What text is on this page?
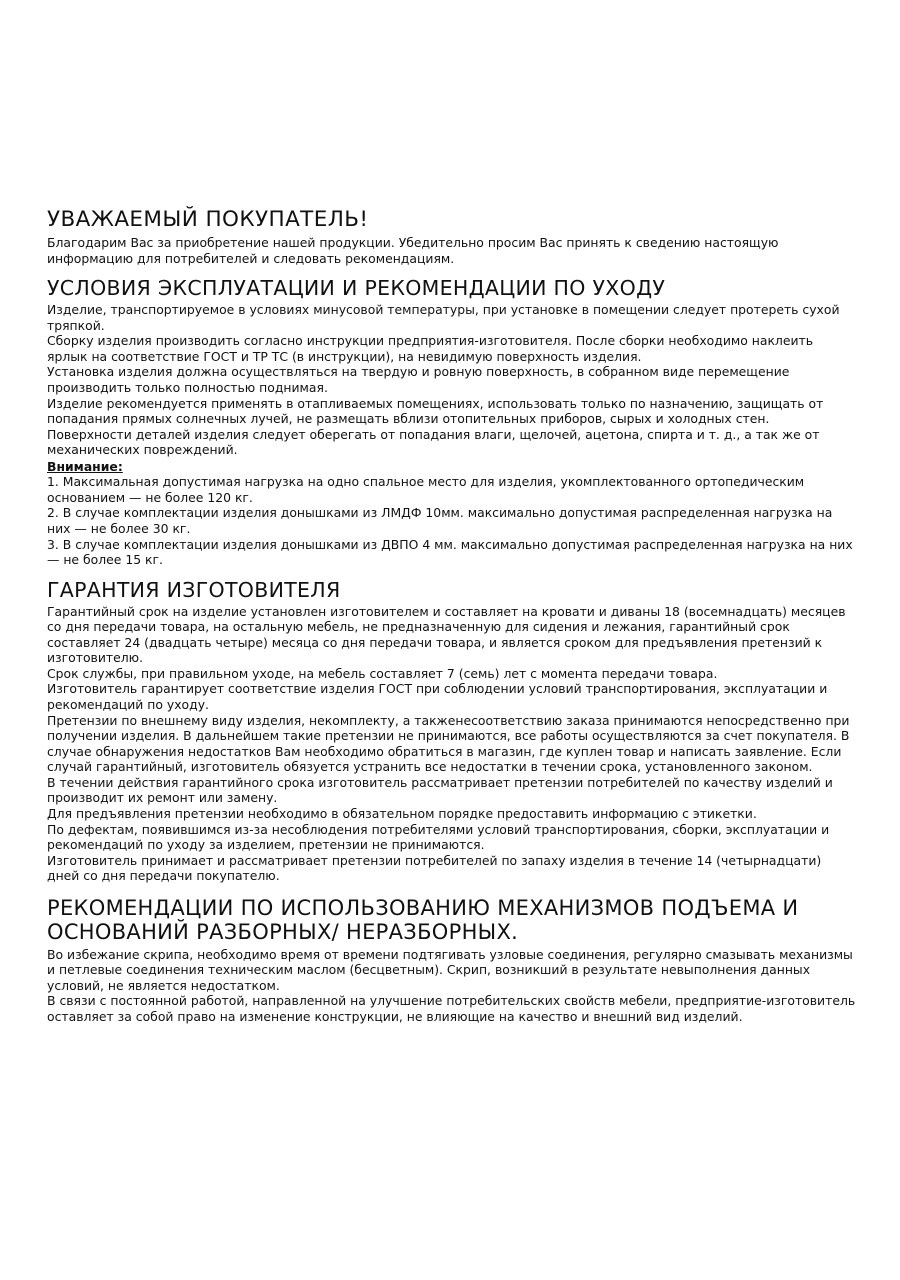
УВАЖАЕМЫЙ ПОКУПАТЕЛЬ!

Благодарим Вас за приобретение нашей продукции. Убедительно просим Вас принять к сведению настоящую информацию для потребителей и следовать рекомендациям.

УСЛОВИЯ ЭКСПЛУАТАЦИИ И РЕКОМЕНДАЦИИ ПО УХОДУ

Изделие, транспортируемое в условиях минусовой температуры, при установке в помещении следует протереть сухой тряпкой.

Сборку изделия производить согласно инструкции предприятия-изготовителя. После сборки необходимо наклеить ярлык на соответствие ГОСТ и ТР ТС (в инструкции), на невидимую поверхность изделия.

Установка изделия должна осуществляться на твердую и ровную поверхность, в собранном виде перемещение производить только полностью поднимая.

Изделие рекомендуется применять в отапливаемых помещениях, использовать только по назначению, защищать от попадания прямых солнечных лучей, не размещать вблизи отопительных приборов, сырых и холодных стен.

Поверхности деталей изделия следует оберегать от попадания влаги, щелочей, ацетона, спирта и т. д., а так же от механических повреждений.

Внимание:

1. Максимальная допустимая нагрузка на одно спальное место для изделия, укомплектованного ортопедическим основанием — не более 120 кг.

2. В случае комплектации изделия донышками из ЛМДФ 10мм. максимально допустимая распределенная нагрузка на них — не более 30 кг.

3. В случае комплектации изделия донышками из ДВПО 4 мм. максимально допустимая распределенная нагрузка на них — не более 15 кг.

ГАРАНТИЯ ИЗГОТОВИТЕЛЯ

Гарантийный срок на изделие установлен изготовителем и составляет на кровати и диваны 18 (восемнадцать) месяцев со дня передачи товара, на остальную мебель, не предназначенную для сидения и лежания, гарантийный срок составляет 24 (двадцать четыре) месяца со дня передачи товара, и является сроком для предъявления претензий к изготовителю.

Срок службы, при правильном уходе, на мебель составляет 7 (семь) лет с момента передачи товара.

Изготовитель гарантирует соответствие изделия ГОСТ при соблюдении условий транспортирования, эксплуатации и рекомендаций по уходу.

Претензии по внешнему виду изделия, некомплекту, а такженесоответствию заказа принимаются непосредственно при получении изделия. В дальнейшем такие претензии не принимаются, все работы осуществляются за счет покупателя. В случае обнаружения недостатков Вам необходимо обратиться в магазин, где куплен товар и написать заявление. Если случай гарантийный, изготовитель обязуется устранить все недостатки в течении срока, установленного законом.

В течении действия гарантийного срока изготовитель рассматривает претензии потребителей по качеству изделий и производит их ремонт или замену.

Для предъявления претензии необходимо в обязательном порядке предоставить информацию с этикетки.

По дефектам, появившимся из-за несоблюдения потребителями условий транспортирования, сборки, эксплуатации и рекомендаций по уходу за изделием, претензии не принимаются.

Изготовитель принимает и рассматривает претензии потребителей по запаху изделия в течение 14 (четырнадцати) дней со дня передачи покупателю.

РЕКОМЕНДАЦИИ ПО ИСПОЛЬЗОВАНИЮ МЕХАНИЗМОВ ПОДЪЕМА И ОСНОВАНИЙ РАЗБОРНЫХ/ НЕРАЗБОРНЫХ.

Во избежание скрипа, необходимо время от времени подтягивать узловые соединения, регулярно смазывать механизмы и петлевые соединения техническим маслом (бесцветным). Скрип, возникший в результате невыполнения данных условий, не является недостатком.

В связи с постоянной работой, направленной на улучшение потребительских свойств мебели, предприятие-изготовитель оставляет за собой право на изменение конструкции, не влияющие на качество и внешний вид изделий.
